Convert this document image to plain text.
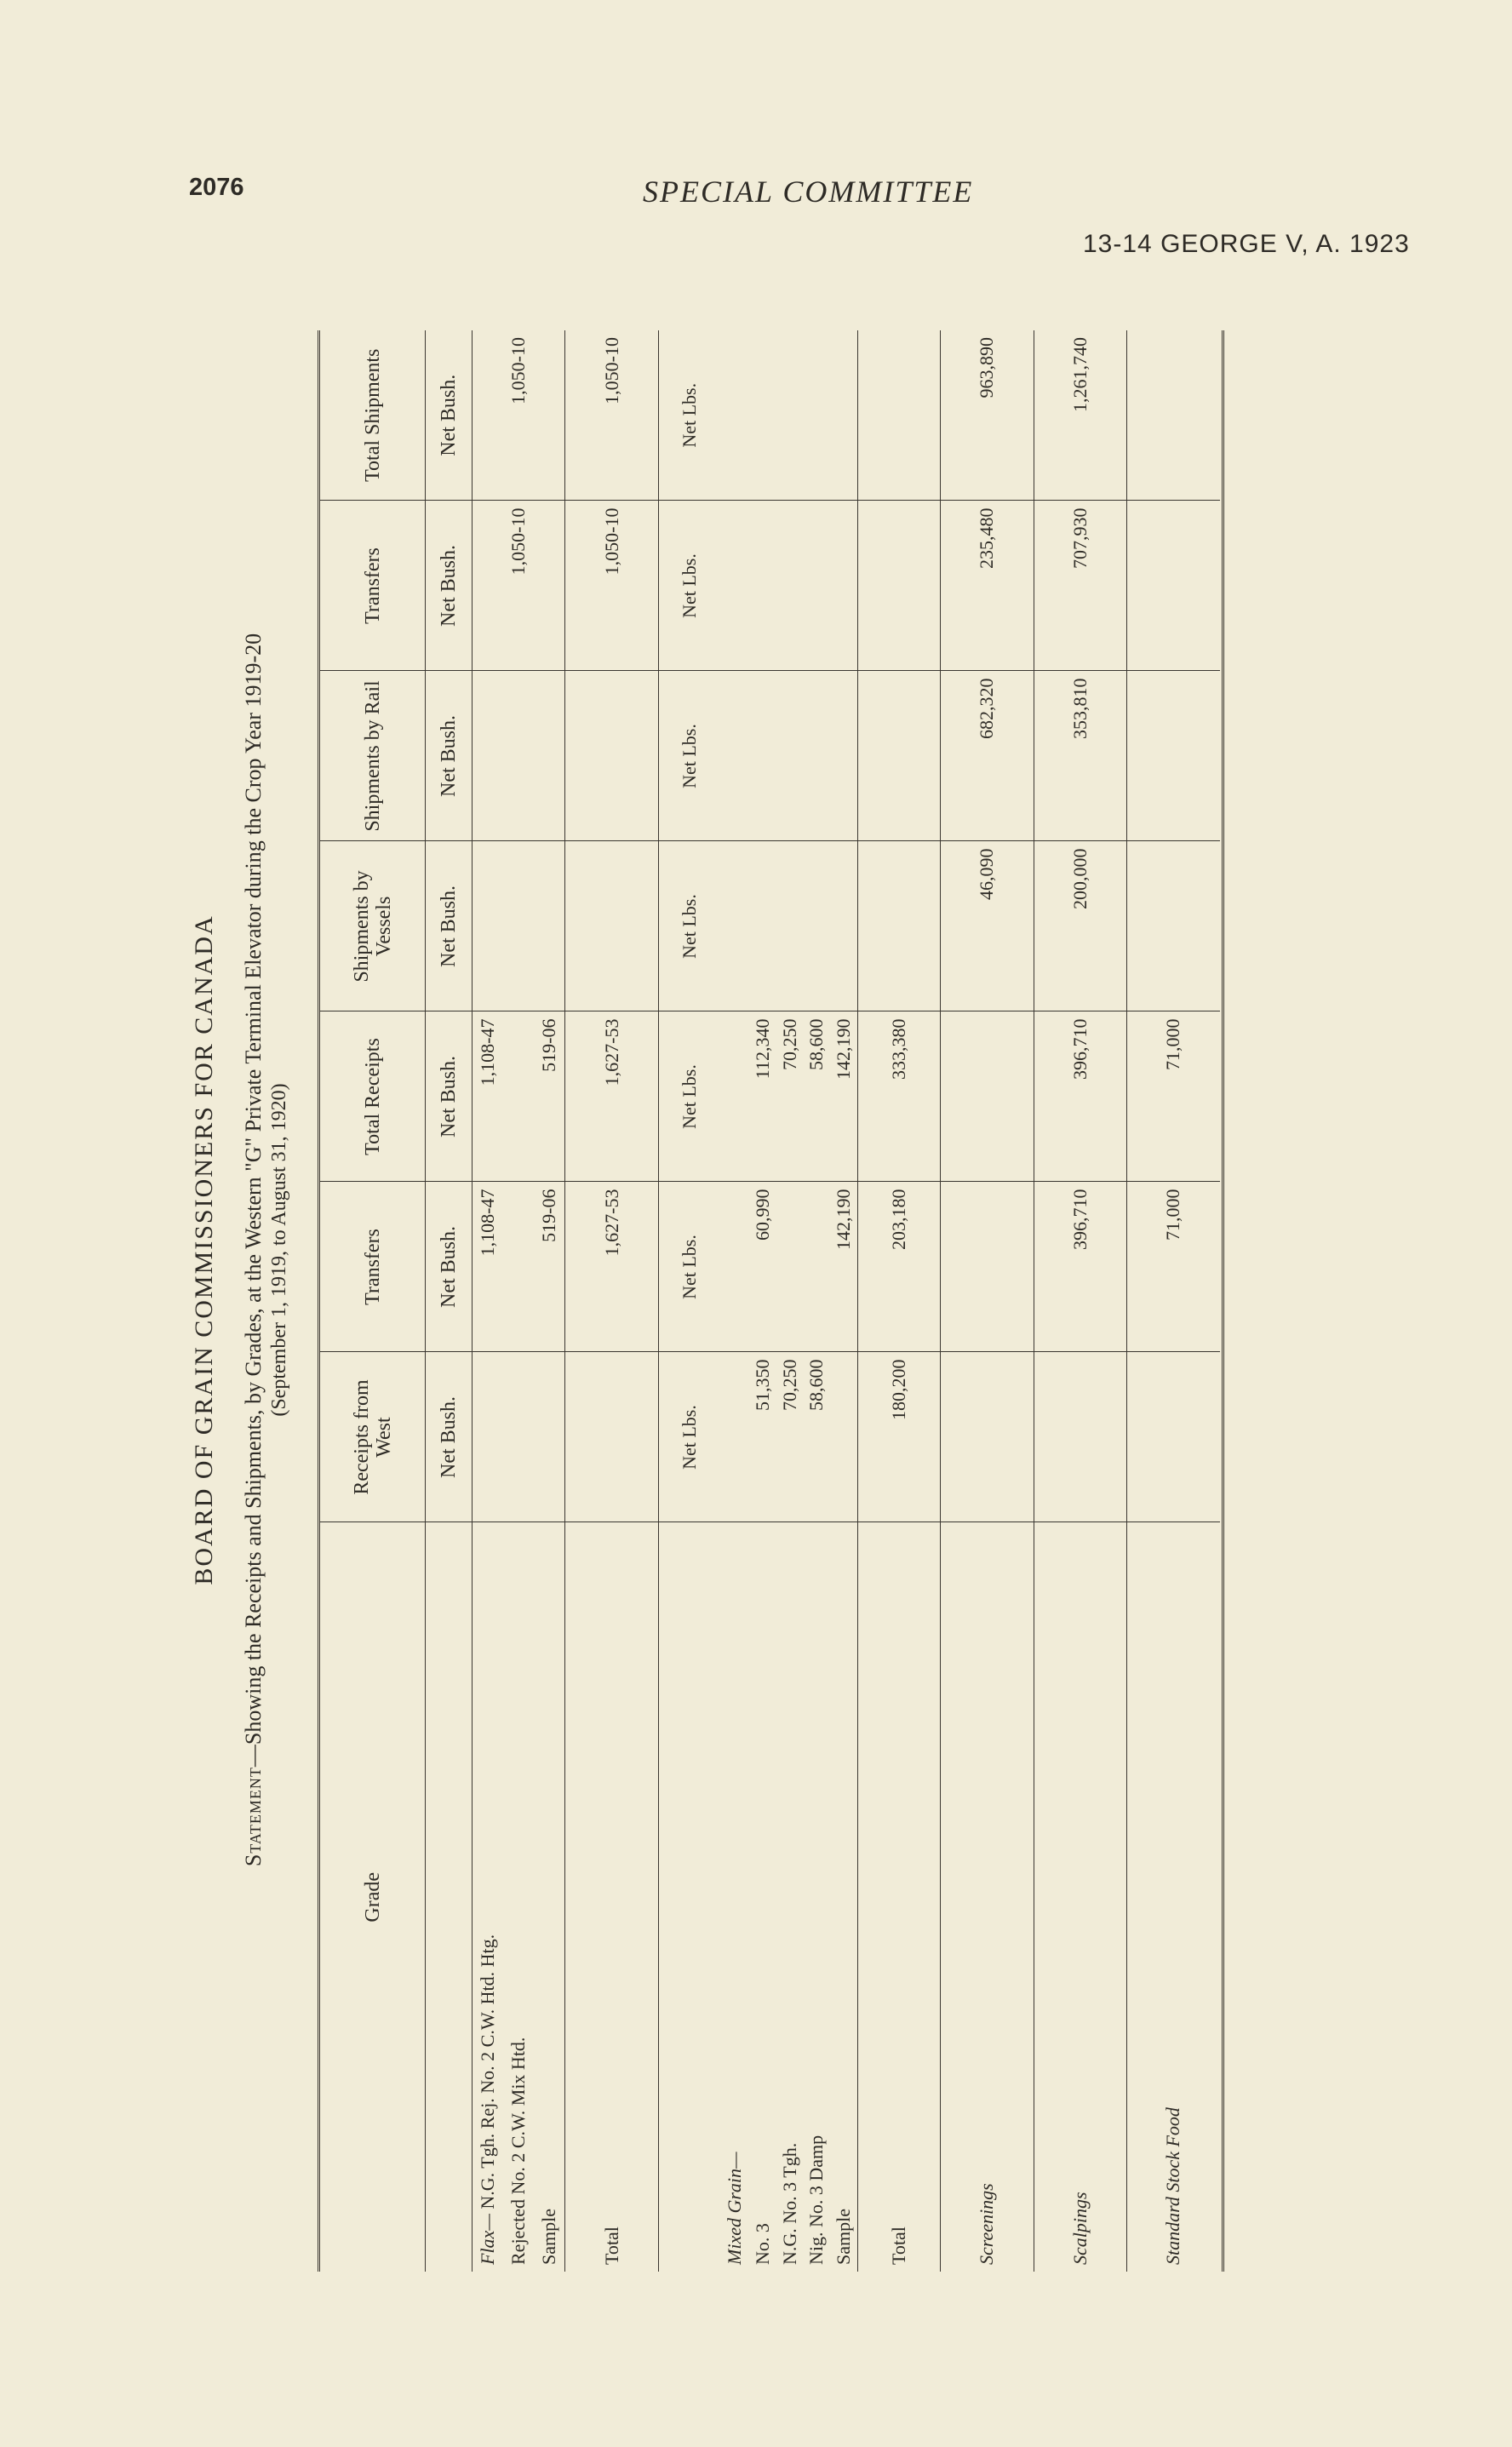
2076	SPECIAL COMMITTEE
13-14 GEORGE V, A. 1923
BOARD OF GRAIN COMMISSIONERS FOR CANADA
Statement—Showing the Receipts and Shipments, by Grades, at the Western "G" Private Terminal Elevator during the Crop Year 1919-20 (September 1, 1919, to August 31, 1920)
Grade	Receipts from West	Transfers	Total Receipts	Shipments by Vessels	Shipments by Rail	Transfers	Total Shipments
	Net Bush.	Net Bush.	Net Bush.	Net Bush.	Net Bush.	Net Bush.	Net Bush.
Flax— N.G. Tgh. Rej. No. 2 C.W. Htd. Htg.		1,108-47	1,108-47				
Rejected No. 2 C.W. Mix Htd.						1,050-10	1,050-10
Sample		519-06	519-06				
Total		1,627-53	1,627-53			1,050-10	1,050-10
	Net Lbs.	Net Lbs.	Net Lbs.	Net Lbs.	Net Lbs.	Net Lbs.	Net Lbs.
Mixed Grain—							
No. 3	51,350	60,990	112,340				
N.G. No. 3 Tgh.	70,250		70,250				
Nig. No. 3 Damp	58,600		58,600				
Sample		142,190	142,190				
Total	180,200	203,180	333,380				
Screenings				46,090	682,320	235,480	963,890
Scalpings		396,710	396,710	200,000	353,810	707,930	1,261,740
Standard Stock Food		71,000	71,000				
